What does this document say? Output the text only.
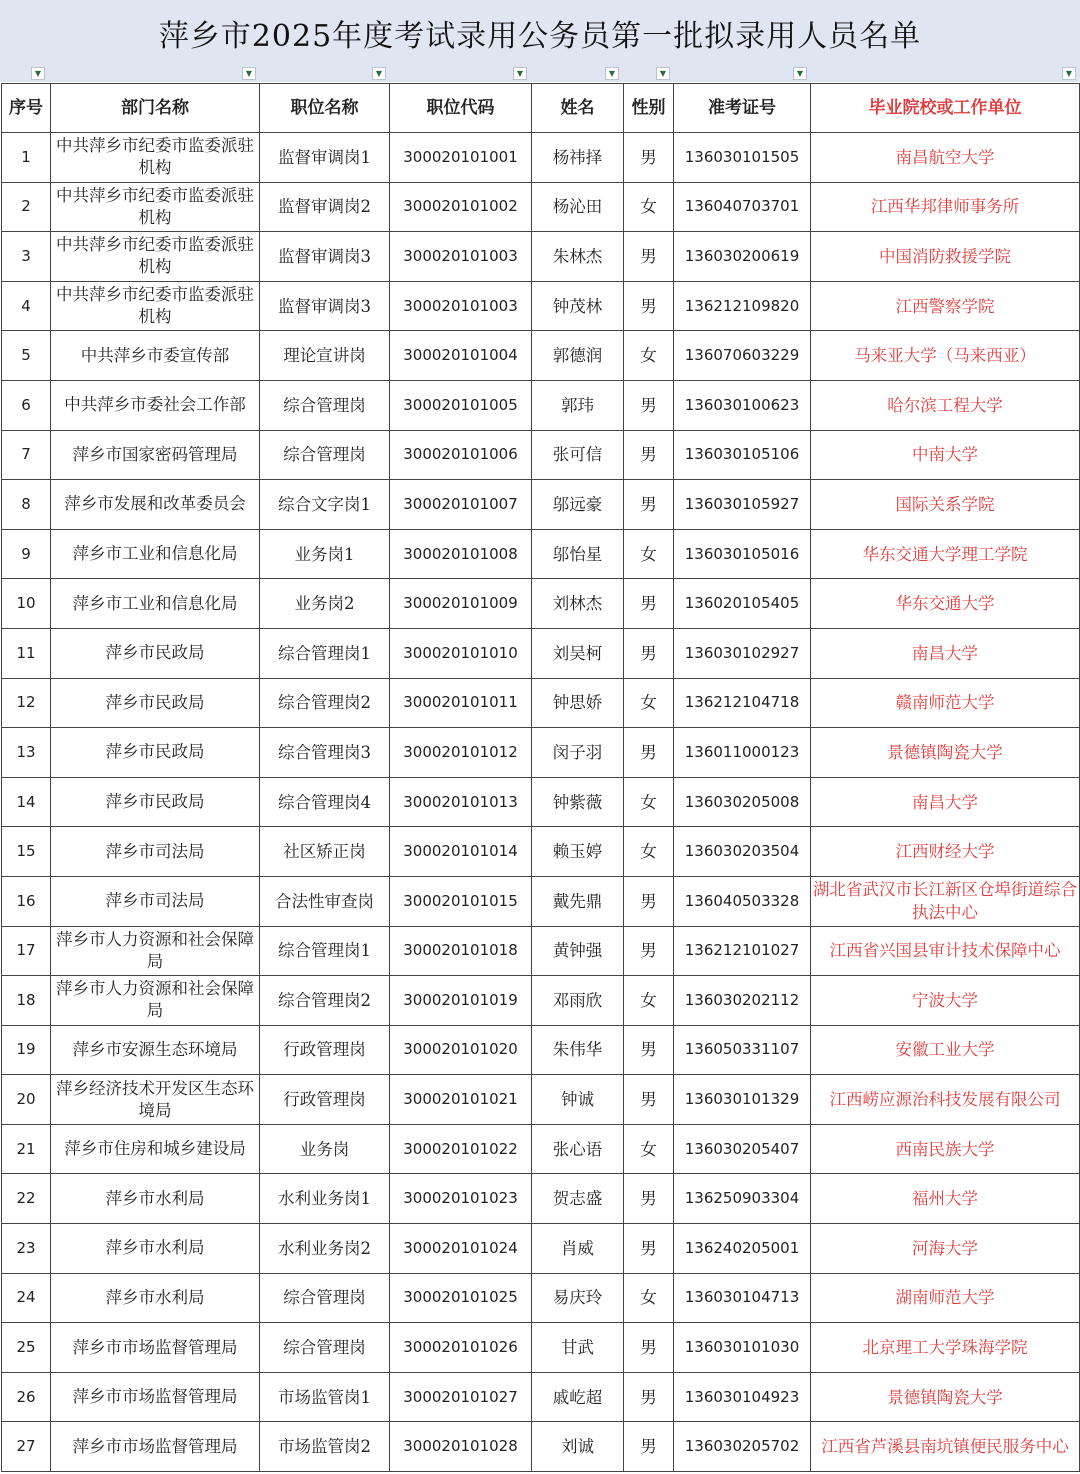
萍乡市2025年度考试录用公务员第一批拟录用人员名单
▼	▼	▼	▼	▼	▼	▼	▼
序号	部门名称	职位名称	职位代码	姓名	性别	准考证号	毕业院校或工作单位
1	中共萍乡市纪委市监委派驻机构	监督审调岗1	300020101001	杨祎择	男	136030101505	南昌航空大学
2	中共萍乡市纪委市监委派驻机构	监督审调岗2	300020101002	杨沁田	女	136040703701	江西华邦律师事务所
3	中共萍乡市纪委市监委派驻机构	监督审调岗3	300020101003	朱林杰	男	136030200619	中国消防救援学院
4	中共萍乡市纪委市监委派驻机构	监督审调岗3	300020101003	钟茂林	男	136212109820	江西警察学院
5	中共萍乡市委宣传部	理论宣讲岗	300020101004	郭德润	女	136070603229	马来亚大学（马来西亚）
6	中共萍乡市委社会工作部	综合管理岗	300020101005	郭玮	男	136030100623	哈尔滨工程大学
7	萍乡市国家密码管理局	综合管理岗	300020101006	张可信	男	136030105106	中南大学
8	萍乡市发展和改革委员会	综合文字岗1	300020101007	邬远豪	男	136030105927	国际关系学院
9	萍乡市工业和信息化局	业务岗1	300020101008	邬怡星	女	136030105016	华东交通大学理工学院
10	萍乡市工业和信息化局	业务岗2	300020101009	刘林杰	男	136020105405	华东交通大学
11	萍乡市民政局	综合管理岗1	300020101010	刘吴柯	男	136030102927	南昌大学
12	萍乡市民政局	综合管理岗2	300020101011	钟思娇	女	136212104718	赣南师范大学
13	萍乡市民政局	综合管理岗3	300020101012	闵子羽	男	136011000123	景德镇陶瓷大学
14	萍乡市民政局	综合管理岗4	300020101013	钟紫薇	女	136030205008	南昌大学
15	萍乡市司法局	社区矫正岗	300020101014	赖玉婷	女	136030203504	江西财经大学
16	萍乡市司法局	合法性审查岗	300020101015	戴先鼎	男	136040503328	湖北省武汉市长江新区仓埠街道综合执法中心
17	萍乡市人力资源和社会保障局	综合管理岗1	300020101018	黄钟强	男	136212101027	江西省兴国县审计技术保障中心
18	萍乡市人力资源和社会保障局	综合管理岗2	300020101019	邓雨欣	女	136030202112	宁波大学
19	萍乡市安源生态环境局	行政管理岗	300020101020	朱伟华	男	136050331107	安徽工业大学
20	萍乡经济技术开发区生态环境局	行政管理岗	300020101021	钟诚	男	136030101329	江西崂应源治科技发展有限公司
21	萍乡市住房和城乡建设局	业务岗	300020101022	张心语	女	136030205407	西南民族大学
22	萍乡市水利局	水利业务岗1	300020101023	贺志盛	男	136250903304	福州大学
23	萍乡市水利局	水利业务岗2	300020101024	肖威	男	136240205001	河海大学
24	萍乡市水利局	综合管理岗	300020101025	易庆玲	女	136030104713	湖南师范大学
25	萍乡市市场监督管理局	综合管理岗	300020101026	甘武	男	136030101030	北京理工大学珠海学院
26	萍乡市市场监督管理局	市场监管岗1	300020101027	戚屹超	男	136030104923	景德镇陶瓷大学
27	萍乡市市场监督管理局	市场监管岗2	300020101028	刘诚	男	136030205702	江西省芦溪县南坑镇便民服务中心
